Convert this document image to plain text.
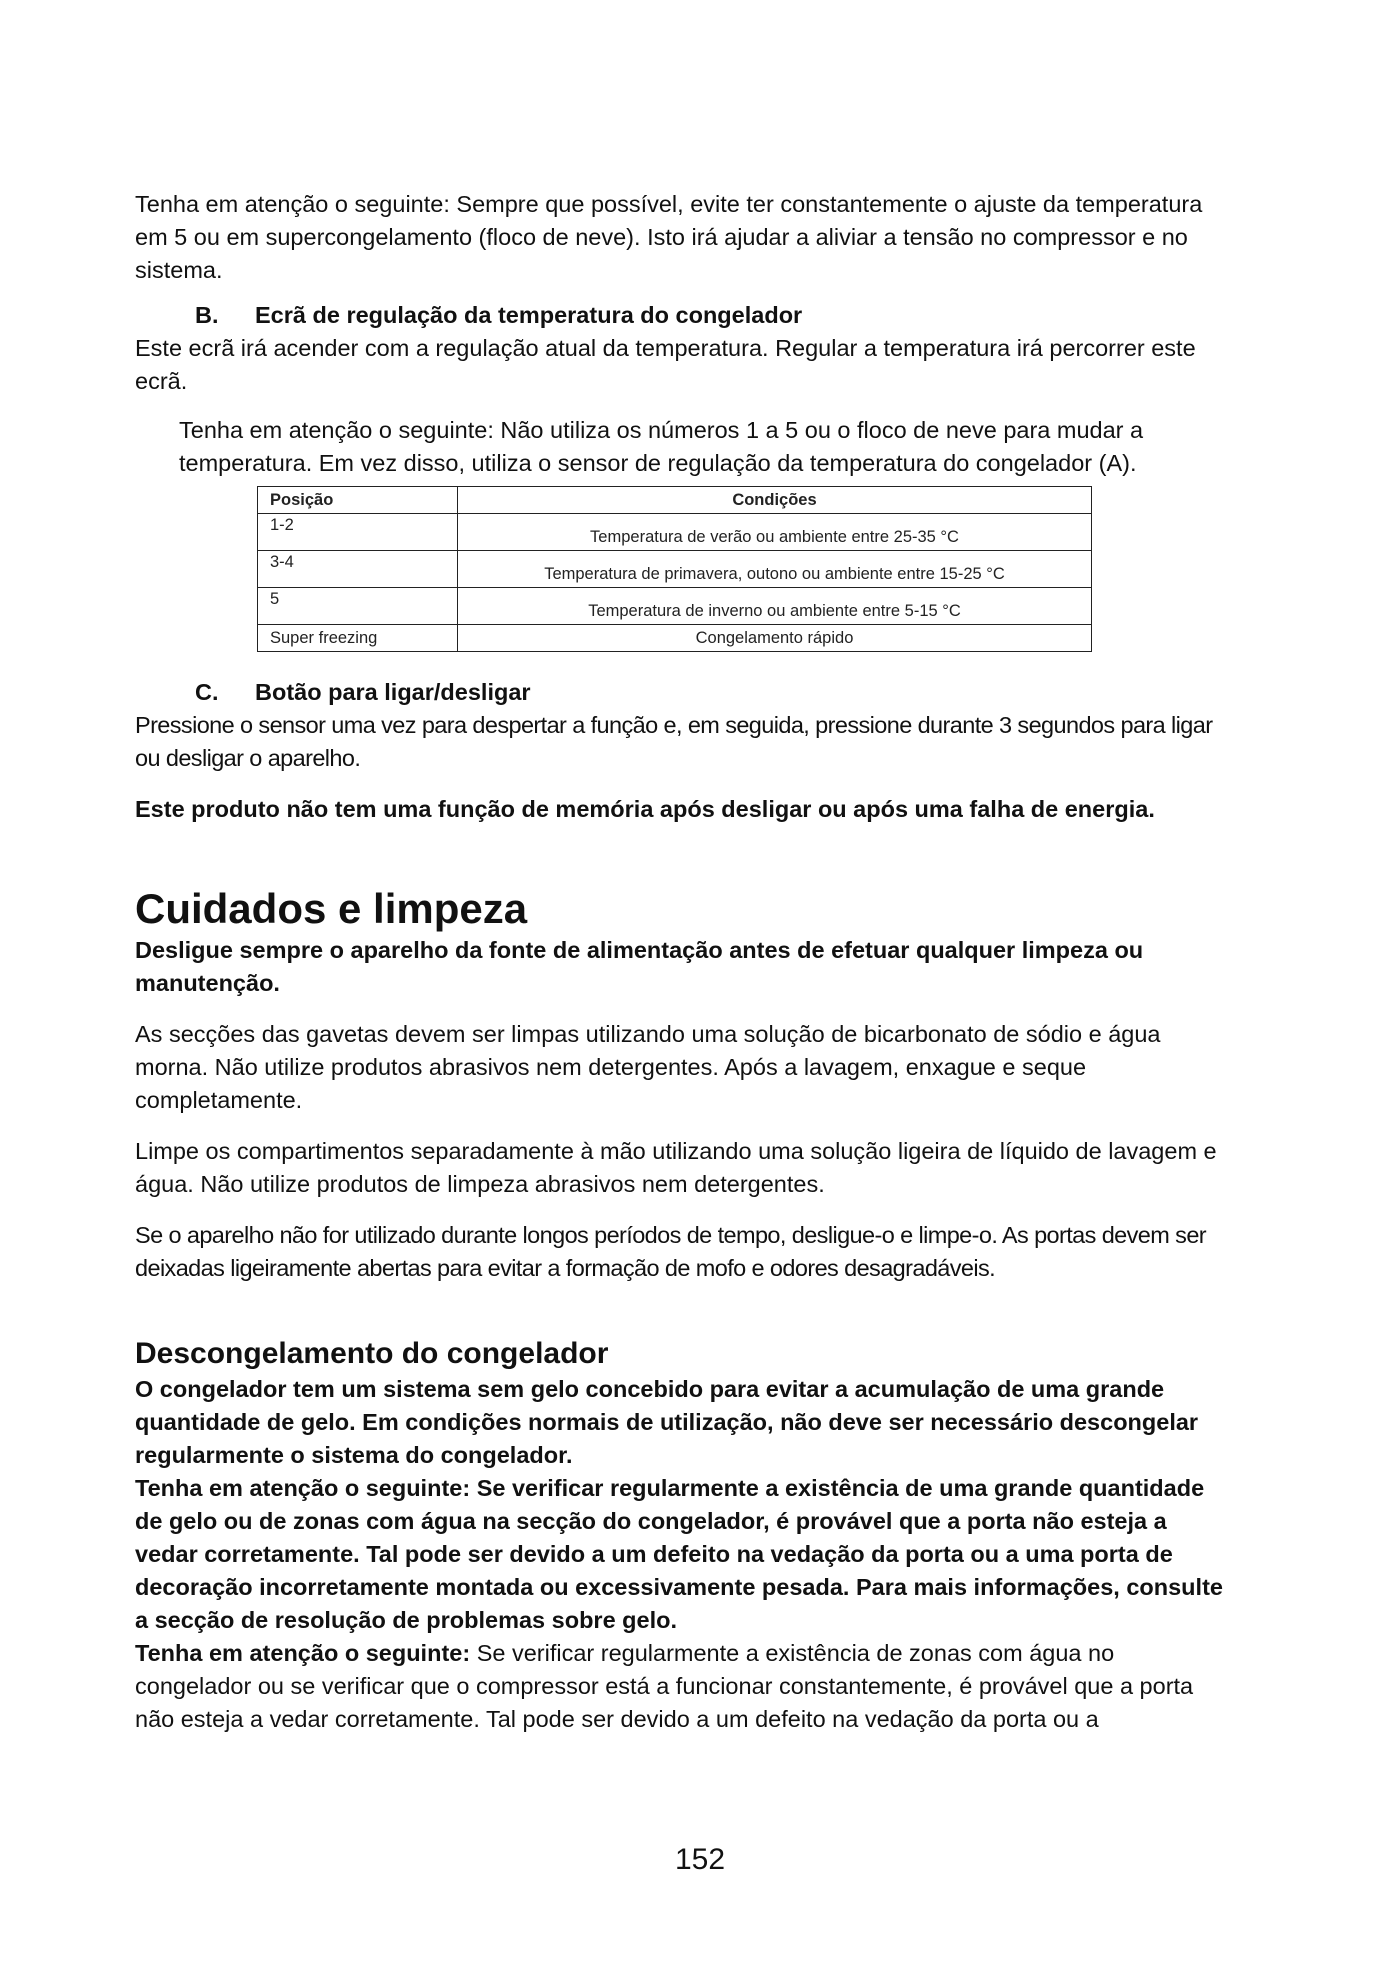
Tenha em atenção o seguinte: Sempre que possível, evite ter constantemente o ajuste da temperatura em 5 ou em supercongelamento (floco de neve). Isto irá ajudar a aliviar a tensão no compressor e no sistema.

B.	Ecrã de regulação da temperatura do congelador

Este ecrã irá acender com a regulação atual da temperatura. Regular a temperatura irá percorrer este ecrã.

Tenha em atenção o seguinte: Não utiliza os números 1 a 5 ou o floco de neve para mudar a temperatura. Em vez disso, utiliza o sensor de regulação da temperatura do congelador (A).

Posição	Condições
1-2	Temperatura de verão ou ambiente entre 25-35 °C
3-4	Temperatura de primavera, outono ou ambiente entre 15-25 °C
5	Temperatura de inverno ou ambiente entre 5-15 °C
Super freezing	Congelamento rápido
C.	Botão para ligar/desligar

Pressione o sensor uma vez para despertar a função e, em seguida, pressione durante 3 segundos para ligar ou desligar o aparelho.

Este produto não tem uma função de memória após desligar ou após uma falha de energia.

Cuidados e limpeza

Desligue sempre o aparelho da fonte de alimentação antes de efetuar qualquer limpeza ou manutenção.

As secções das gavetas devem ser limpas utilizando uma solução de bicarbonato de sódio e água morna. Não utilize produtos abrasivos nem detergentes. Após a lavagem, enxague e seque completamente.

Limpe os compartimentos separadamente à mão utilizando uma solução ligeira de líquido de lavagem e água. Não utilize produtos de limpeza abrasivos nem detergentes.

Se o aparelho não for utilizado durante longos períodos de tempo, desligue-o e limpe-o. As portas devem ser deixadas ligeiramente abertas para evitar a formação de mofo e odores desagradáveis.

Descongelamento do congelador

O congelador tem um sistema sem gelo concebido para evitar a acumulação de uma grande quantidade de gelo. Em condições normais de utilização, não deve ser necessário descongelar regularmente o sistema do congelador.

Tenha em atenção o seguinte: Se verificar regularmente a existência de uma grande quantidade de gelo ou de zonas com água na secção do congelador, é provável que a porta não esteja a vedar corretamente. Tal pode ser devido a um defeito na vedação da porta ou a uma porta de decoração incorretamente montada ou excessivamente pesada. Para mais informações, consulte a secção de resolução de problemas sobre gelo.

Tenha em atenção o seguinte: Se verificar regularmente a existência de zonas com água no congelador ou se verificar que o compressor está a funcionar constantemente, é provável que a porta não esteja a vedar corretamente. Tal pode ser devido a um defeito na vedação da porta ou a

152
